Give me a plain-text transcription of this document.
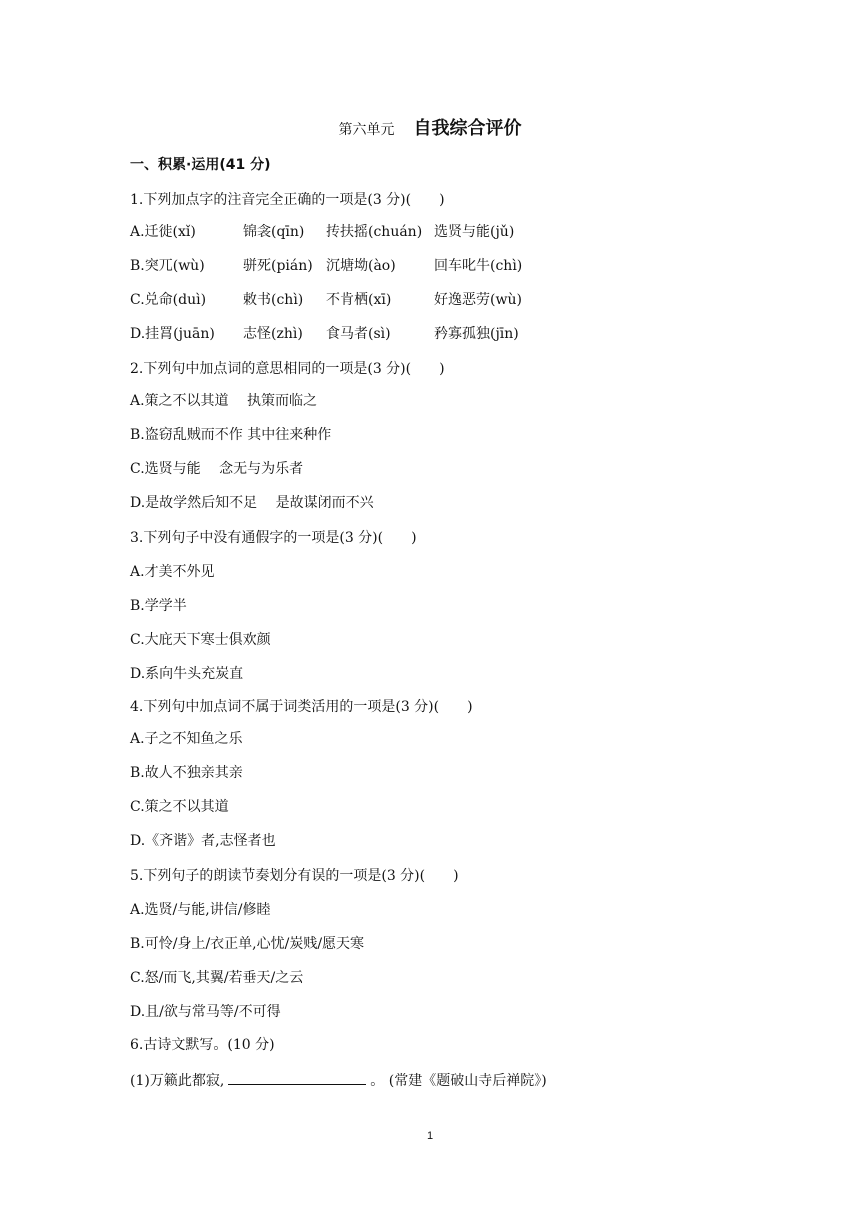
第六单元 自我综合评价
一、积累·运用(41 分)
1.下列加点字的注音完全正确的一项是(3 分)(　　)
A.迁徙(xǐ)	锦衾(qīn) 抟扶摇(chuán) 选贤与能(jǔ)
B.突兀(wù)	骈死(pián) 沉塘坳(ào)	回车叱牛(chì)
C.兑命(duì)	敕书(chì) 不肯栖(xī)	好逸恶劳(wù)
D.挂罥(juān) 志怪(zhì) 食马者(sì)	矜寡孤独(jīn)
2.下列句中加点词的意思相同的一项是(3 分)(　　)
A.策之不以其道　 执策而临之
B.盗窃乱贼而不作 其中往来种作
C.选贤与能　 念无与为乐者
D.是故学然后知不足　 是故谋闭而不兴
3.下列句子中没有通假字的一项是(3 分)(　　)
A.才美不外见
B.学学半
C.大庇天下寒士俱欢颜
D.系向牛头充炭直
4.下列句中加点词不属于词类活用的一项是(3 分)(　　)
A.子之不知鱼之乐
B.故人不独亲其亲
C.策之不以其道
D.《齐谐》者,志怪者也
5.下列句子的朗读节奏划分有误的一项是(3 分)(　　)
A.选贤/与能,讲信/修睦
B.可怜/身上/衣正单,心忧/炭贱/愿天寒
C.怒/而飞,其翼/若垂天/之云
D.且/欲与常马等/不可得
6.古诗文默写。(10 分)
(1)万籁此都寂,	。 (常建《题破山寺后禅院》)
1
